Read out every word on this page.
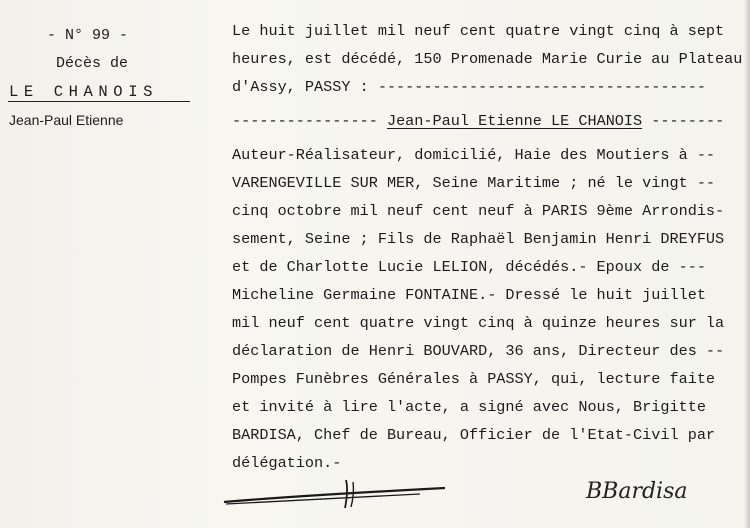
- N° 99 -
Décès de
LE CHANOIS
Jean-Paul Etienne
Le huit juillet mil neuf cent quatre vingt cinq à sept
heures, est décédé, 150 Promenade Marie Curie au Plateau
d'Assy, PASSY : ------------------------------------
---------------- Jean-Paul Etienne LE CHANOIS --------
Auteur-Réalisateur, domicilié, Haie des Moutiers à --
VARENGEVILLE SUR MER, Seine Maritime ; né le vingt --
cinq octobre mil neuf cent neuf à PARIS 9ème Arrondis-
sement, Seine ; Fils de Raphaël Benjamin Henri DREYFUS
et de Charlotte Lucie LELION, décédés.- Epoux de ---
Micheline Germaine FONTAINE.- Dressé le huit juillet
mil neuf cent quatre vingt cinq à quinze heures sur la
déclaration de Henri BOUVARD, 36 ans, Directeur des --
Pompes Funèbres Générales à PASSY, qui, lecture faite
et invité à lire l'acte, a signé avec Nous, Brigitte
BARDISA, Chef de Bureau, Officier de l'Etat-Civil par
délégation.-
BBardisa
